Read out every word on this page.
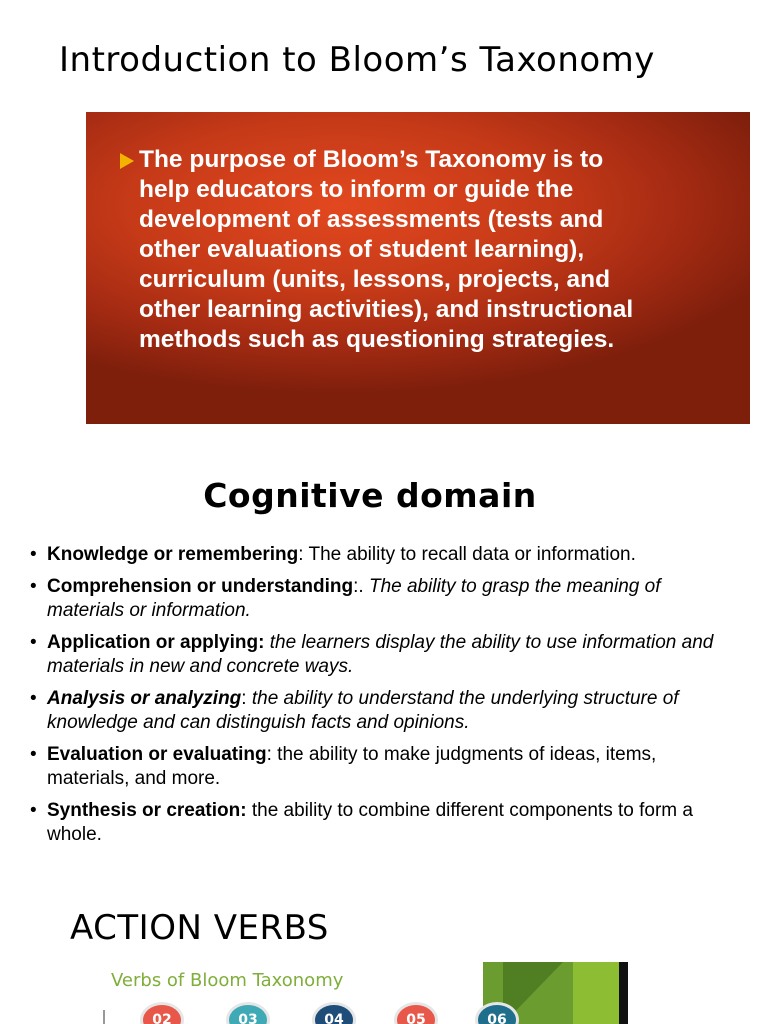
Introduction to Bloom’s Taxonomy
The purpose of Bloom’s Taxonomy is to help educators to inform or guide the development of assessments (tests and other evaluations of student learning), curriculum (units, lessons, projects, and other learning activities), and instructional methods such as questioning strategies.
Cognitive domain
• Knowledge or remembering: The ability to recall data or information.
• Comprehension or understanding:. The ability to grasp the meaning of materials or information.
• Application or applying: the learners display the ability to use information and materials in new and concrete ways.
• Analysis or analyzing: the ability to understand the underlying structure of knowledge and can distinguish facts and opinions.
• Evaluation or evaluating: the ability to make judgments of ideas, items, materials, and more.
• Synthesis or creation: the ability to combine different components to form a whole.
ACTION VERBS
Verbs of Bloom Taxonomy
02	03	04	05	06
